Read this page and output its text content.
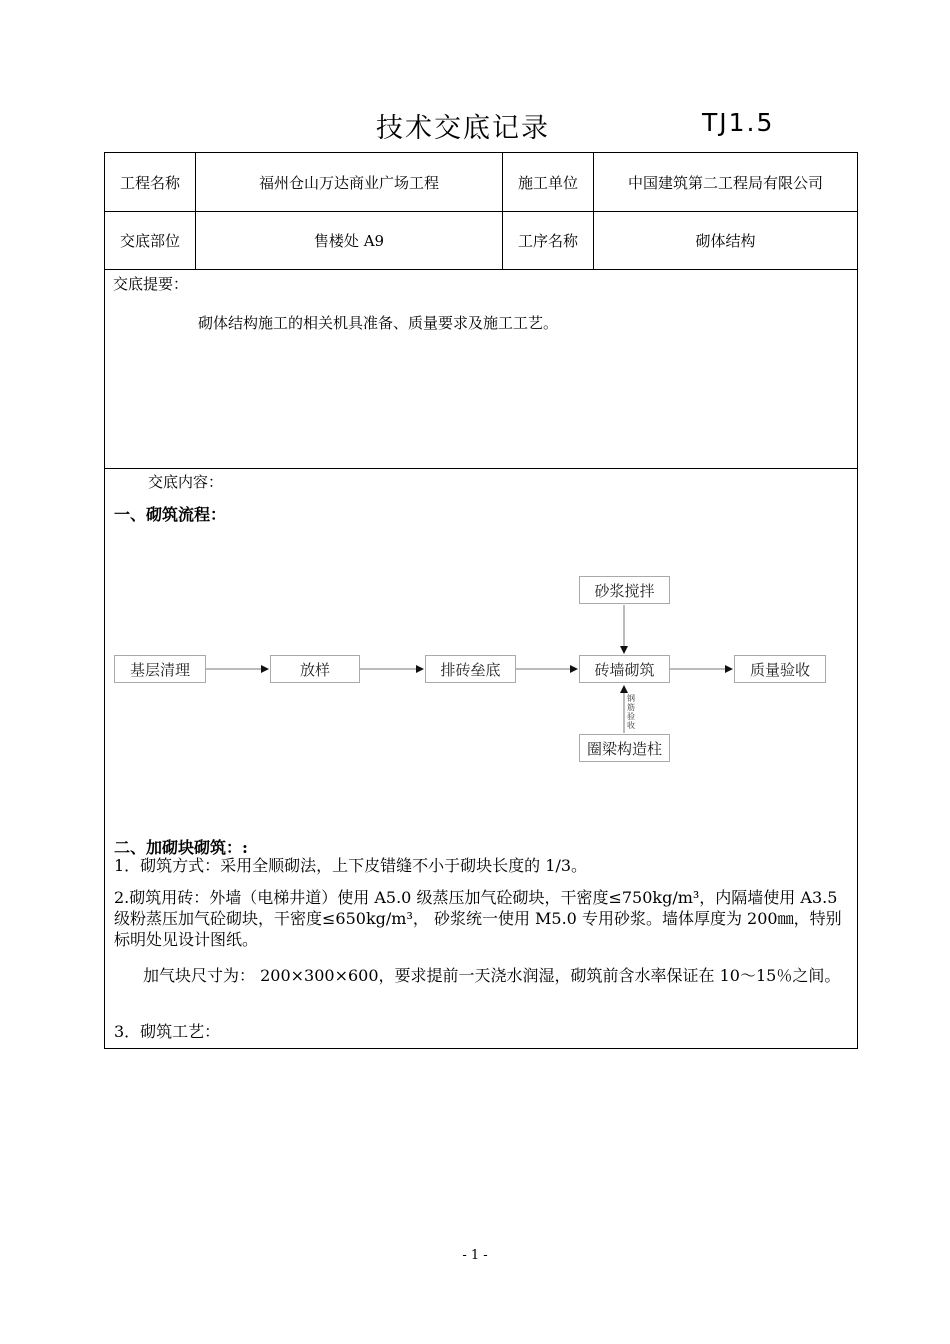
技术交底记录	TJ1.5
工程名称	福州仓山万达商业广场工程	施工单位	中国建筑第二工程局有限公司
交底部位	售楼处 A9	工序名称	砌体结构
交底提要：
砌体结构施工的相关机具准备、质量要求及施工工艺。
交底内容：
一、砌筑流程：
基层清理	放样	排砖垒底	砖墙砌筑	质量验收
砂浆搅拌
圈梁构造柱
钢筋验收
二、加砌块砌筑：:
1．砌筑方式：采用全顺砌法，上下皮错缝不小于砌块长度的 1/3。
2.砌筑用砖：外墙（电梯井道）使用 A5.0 级蒸压加气砼砌块，干密度≤750kg/m³，内隔墙使用 A3.5 级粉蒸压加气砼砌块，干密度≤650kg/m³， 砂浆统一使用 M5.0 专用砂浆。墙体厚度为 200㎜，特别标明处见设计图纸。
加气块尺寸为： 200×300×600，要求提前一天浇水润湿，砌筑前含水率保证在 10～15％之间。
3．砌筑工艺：
- 1 -
